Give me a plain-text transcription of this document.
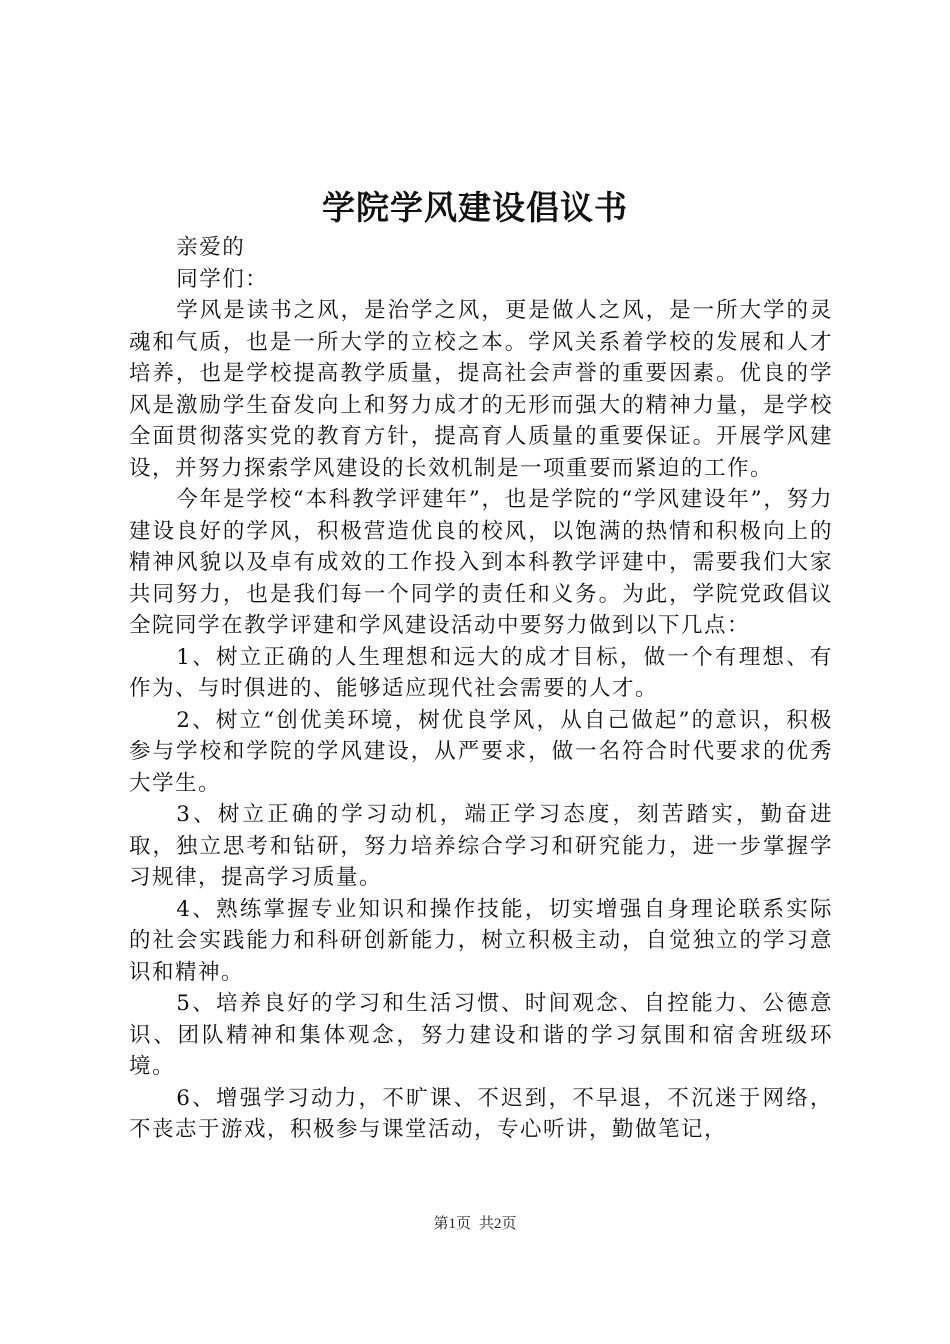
学院学风建设倡议书

亲爱的

同学们：

学风是读书之风，是治学之风，更是做人之风，是一所大学的灵魂和气质，也是一所大学的立校之本。学风关系着学校的发展和人才培养，也是学校提高教学质量，提高社会声誉的重要因素。优良的学风是激励学生奋发向上和努力成才的无形而强大的精神力量，是学校全面贯彻落实党的教育方针，提高育人质量的重要保证。开展学风建设，并努力探索学风建设的长效机制是一项重要而紧迫的工作。

今年是学校“本科教学评建年”，也是学院的“学风建设年”，努力建设良好的学风，积极营造优良的校风，以饱满的热情和积极向上的精神风貌以及卓有成效的工作投入到本科教学评建中，需要我们大家共同努力，也是我们每一个同学的责任和义务。为此，学院党政倡议全院同学在教学评建和学风建设活动中要努力做到以下几点：

1、树立正确的人生理想和远大的成才目标，做一个有理想、有作为、与时俱进的、能够适应现代社会需要的人才。

2、树立“创优美环境，树优良学风，从自己做起”的意识，积极参与学校和学院的学风建设，从严要求，做一名符合时代要求的优秀大学生。

3、树立正确的学习动机，端正学习态度，刻苦踏实，勤奋进取，独立思考和钻研，努力培养综合学习和研究能力，进一步掌握学习规律，提高学习质量。

4、熟练掌握专业知识和操作技能，切实增强自身理论联系实际的社会实践能力和科研创新能力，树立积极主动，自觉独立的学习意识和精神。

5、培养良好的学习和生活习惯、时间观念、自控能力、公德意识、团队精神和集体观念，努力建设和谐的学习氛围和宿舍班级环境。

6、增强学习动力，不旷课、不迟到，不早退，不沉迷于网络，不丧志于游戏，积极参与课堂活动，专心听讲，勤做笔记，

第1页 共2页
